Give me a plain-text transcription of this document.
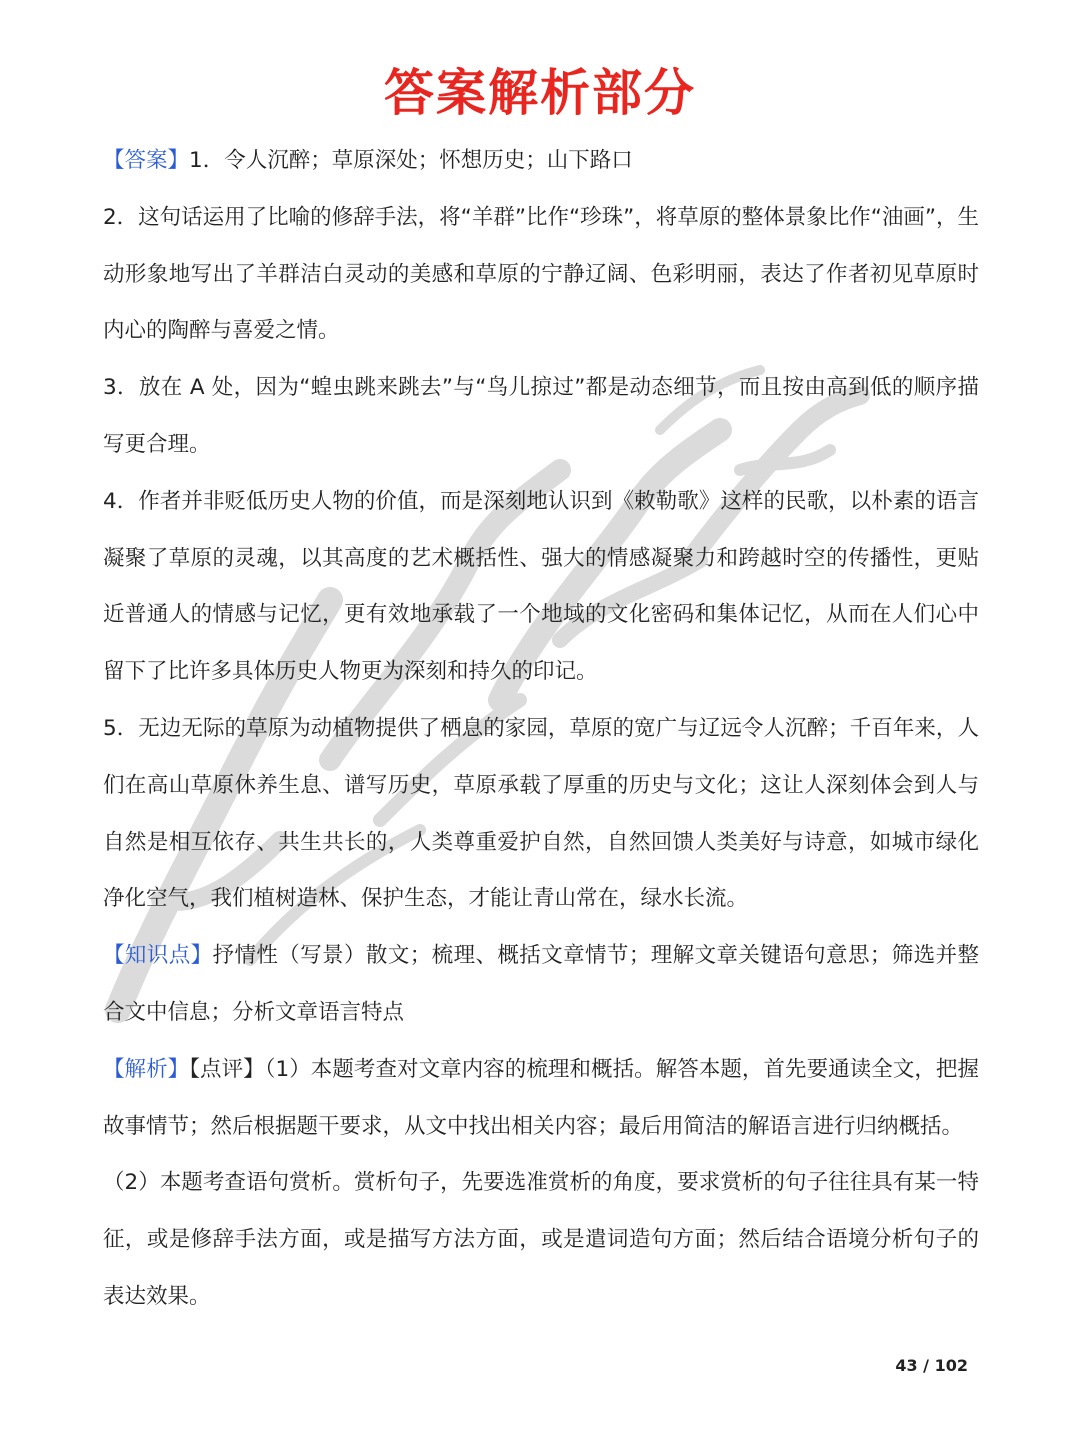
答案解析部分

【答案】1．令人沉醉；草原深处；怀想历史；山下路口

2．这句话运用了比喻的修辞手法，将“羊群”比作“珍珠”，将草原的整体景象比作“油画”，生动形象地写出了羊群洁白灵动的美感和草原的宁静辽阔、色彩明丽，表达了作者初见草原时内心的陶醉与喜爱之情。

3．放在 A 处，因为“蝗虫跳来跳去”与“鸟儿掠过”都是动态细节，而且按由高到低的顺序描写更合理。

4．作者并非贬低历史人物的价值，而是深刻地认识到《敕勒歌》这样的民歌，以朴素的语言凝聚了草原的灵魂，以其高度的艺术概括性、强大的情感凝聚力和跨越时空的传播性，更贴近普通人的情感与记忆，更有效地承载了一个地域的文化密码和集体记忆，从而在人们心中留下了比许多具体历史人物更为深刻和持久的印记。

5．无边无际的草原为动植物提供了栖息的家园，草原的宽广与辽远令人沉醉；千百年来，人们在高山草原休养生息、谱写历史，草原承载了厚重的历史与文化；这让人深刻体会到人与自然是相互依存、共生共长的，人类尊重爱护自然，自然回馈人类美好与诗意，如城市绿化净化空气，我们植树造林、保护生态，才能让青山常在，绿水长流。

【知识点】抒情性（写景）散文；梳理、概括文章情节；理解文章关键语句意思；筛选并整合文中信息；分析文章语言特点

【解析】【点评】（1）本题考查对文章内容的梳理和概括。解答本题，首先要通读全文，把握故事情节；然后根据题干要求，从文中找出相关内容；最后用简洁的解语言进行归纳概括。

（2）本题考查语句赏析。赏析句子，先要选准赏析的角度，要求赏析的句子往往具有某一特征，或是修辞手法方面，或是描写方法方面，或是遣词造句方面；然后结合语境分析句子的表达效果。

43 / 102
